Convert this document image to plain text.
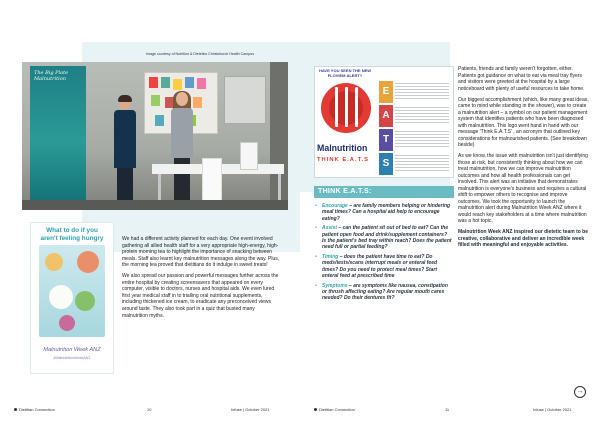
Image courtesy of Nutrition & Dietetics Christchurch Health Campus
The Big Plate Malnutrition
What to do if you
aren't feeling hungry
Malnutrition Week ANZ
#MalnutritionWeekANZ

We had a different activity planned for each day. One event involved gathering all allied health staff for a very appropriate high-energy, high-protein morning tea to highlight the importance of snacking between meals. Staff also learnt key malnutrition messages along the way. Plus, the morning tea proved that dietitians do it indulge in sweet treats!

We also spread our passion and powerful messages further across the entire hospital by creating screensavers that appeared on every computer, visible to doctors, nurses and hospital aids. We even lured first year medical staff in to trialling oral nutritional supplements, including thickened ice cream, to eradicate any preconceived views around taste. They also took part in a quiz that busted many malnutrition myths.

Dietitian Connection	10	Infuse | October 2021
HAVE YOU SEEN THE NEW
FLOVIEM ALERT?
Malnutrition
THINK E.A.T.S
E
A
T
S
THINK E.A.T.S:
• Encourage – are family members helping or hindering meal times? Can a hospital aid help to encourage eating?
• Assist – can the patient sit out of bed to eat? Can the patient open food and drink/supplement containers? Is the patient's bed tray within reach? Does the patient need full or partial feeding?
• Timing – does the patient have time to eat? Do meds/tests/scans interrupt meals or enteral feed times? Do you need to protect meal times? Start enteral feed at prescribed time
• Symptoms – are symptoms like nausea, constipation or thrush affecting eating? Are regular mouth cares needed? Do their dentures fit?

Patients, friends and family weren't forgotten, either. Patients got guidance on what to eat via meal tray flyers and visitors were greeted at the hospital by a large noticeboard with plenty of useful resources to take home.

Our biggest accomplishment (which, like many great ideas, came to mind while standing in the shower), was to create a malnutrition alert – a symbol on our patient management system that identifies patients who have been diagnosed with malnutrition. This logo went hand in hand with our message 'Think E.A.T.S' , an acronym that outlined key considerations for malnourished patients. (See breakdown beside)

As we know, the issue with malnutrition isn't just identifying those at risk, but consistently thinking about how we can treat malnutrition, how we can improve malnutrition outcomes and how all health professionals can get involved. This alert was an initiative that demonstrates malnutrition is everyone's business and requires a cultural shift to empower others to recognise and improve outcomes. We took the opportunity to launch the malnutrition alert during Malnutrition Week ANZ where it would reach key stakeholders at a time where malnutrition was a hot topic.

Malnutrition Week ANZ inspired our dietetic team to be creative, collaborative and deliver an incredible week filled with meaningful and enjoyable activities.

Dietitian Connection	11	Infuse | October 2021
→
